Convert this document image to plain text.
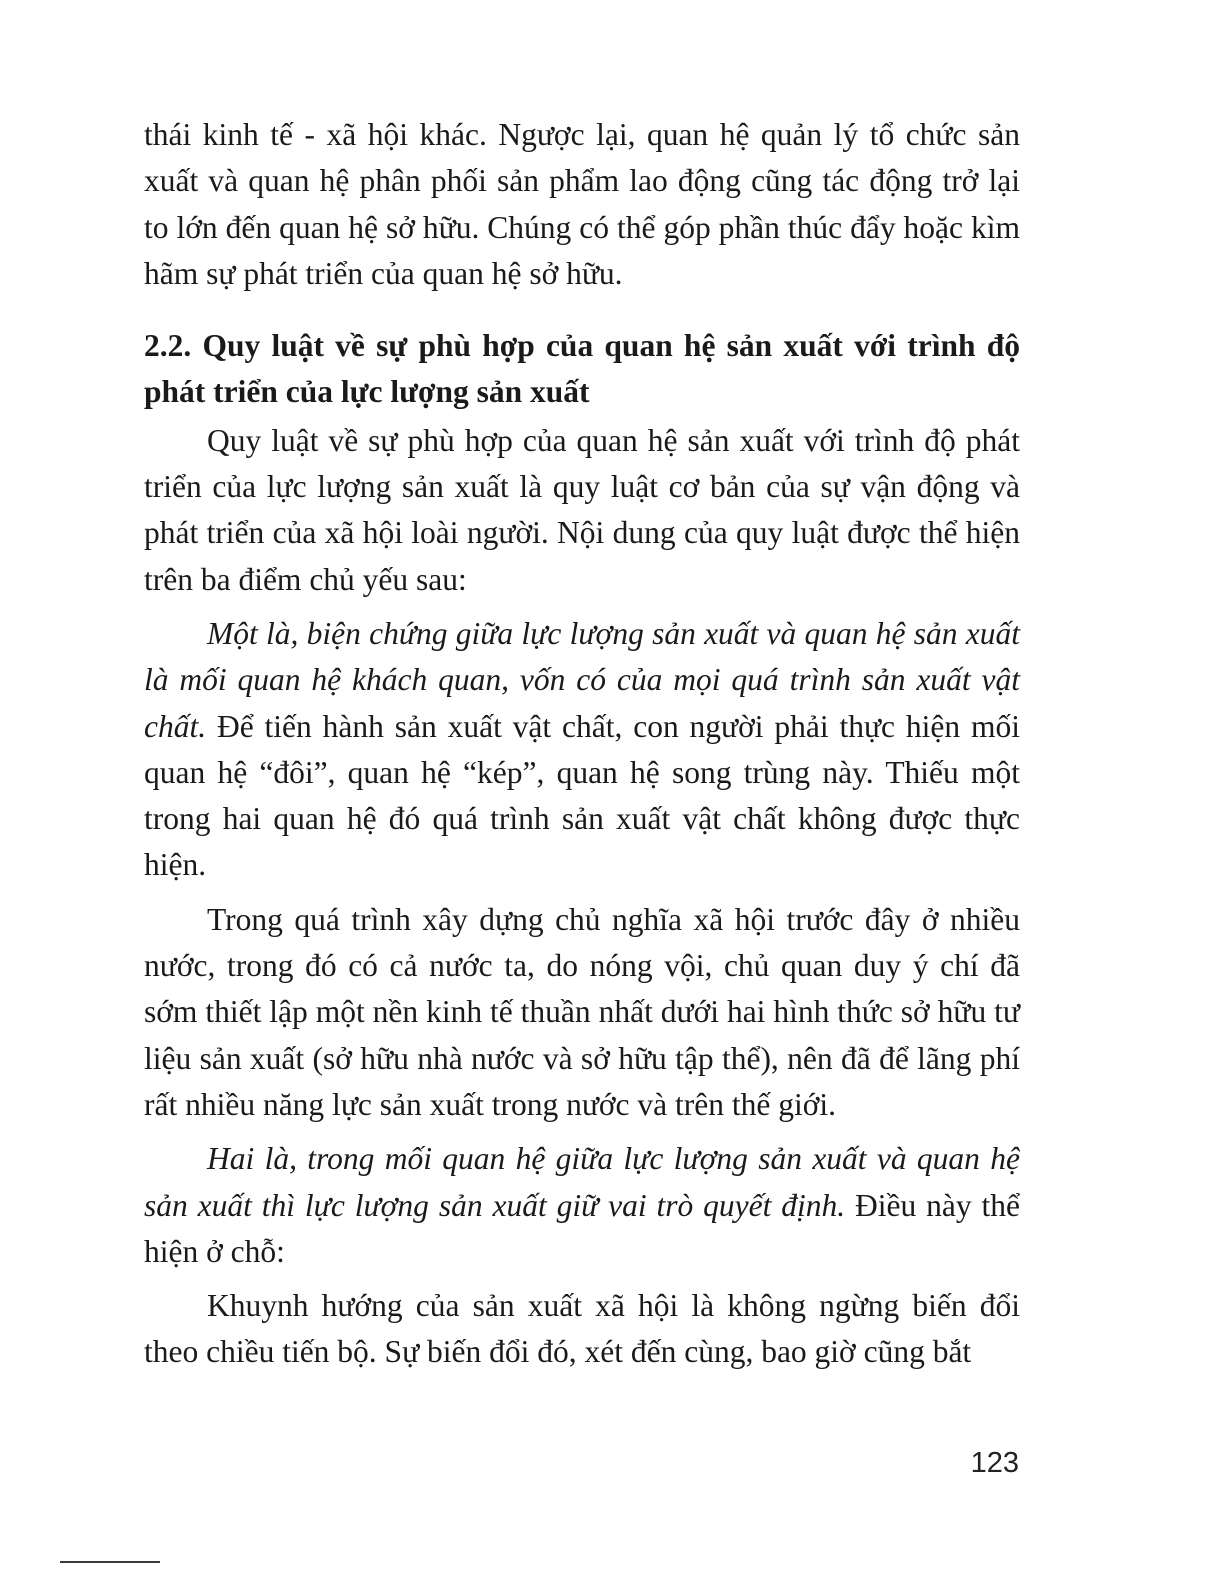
thái kinh tế - xã hội khác. Ngược lại, quan hệ quản lý tổ chức sản xuất và quan hệ phân phối sản phẩm lao động cũng tác động trở lại to lớn đến quan hệ sở hữu. Chúng có thể góp phần thúc đẩy hoặc kìm hãm sự phát triển của quan hệ sở hữu.

2.2. Quy luật về sự phù hợp của quan hệ sản xuất với trình độ phát triển của lực lượng sản xuất

Quy luật về sự phù hợp của quan hệ sản xuất với trình độ phát triển của lực lượng sản xuất là quy luật cơ bản của sự vận động và phát triển của xã hội loài người. Nội dung của quy luật được thể hiện trên ba điểm chủ yếu sau:

Một là, biện chứng giữa lực lượng sản xuất và quan hệ sản xuất là mối quan hệ khách quan, vốn có của mọi quá trình sản xuất vật chất. Để tiến hành sản xuất vật chất, con người phải thực hiện mối quan hệ “đôi”, quan hệ “kép”, quan hệ song trùng này. Thiếu một trong hai quan hệ đó quá trình sản xuất vật chất không được thực hiện.

Trong quá trình xây dựng chủ nghĩa xã hội trước đây ở nhiều nước, trong đó có cả nước ta, do nóng vội, chủ quan duy ý chí đã sớm thiết lập một nền kinh tế thuần nhất dưới hai hình thức sở hữu tư liệu sản xuất (sở hữu nhà nước và sở hữu tập thể), nên đã để lãng phí rất nhiều năng lực sản xuất trong nước và trên thế giới.

Hai là, trong mối quan hệ giữa lực lượng sản xuất và quan hệ sản xuất thì lực lượng sản xuất giữ vai trò quyết định. Điều này thể hiện ở chỗ:

Khuynh hướng của sản xuất xã hội là không ngừng biến đổi theo chiều tiến bộ. Sự biến đổi đó, xét đến cùng, bao giờ cũng bắt

123
